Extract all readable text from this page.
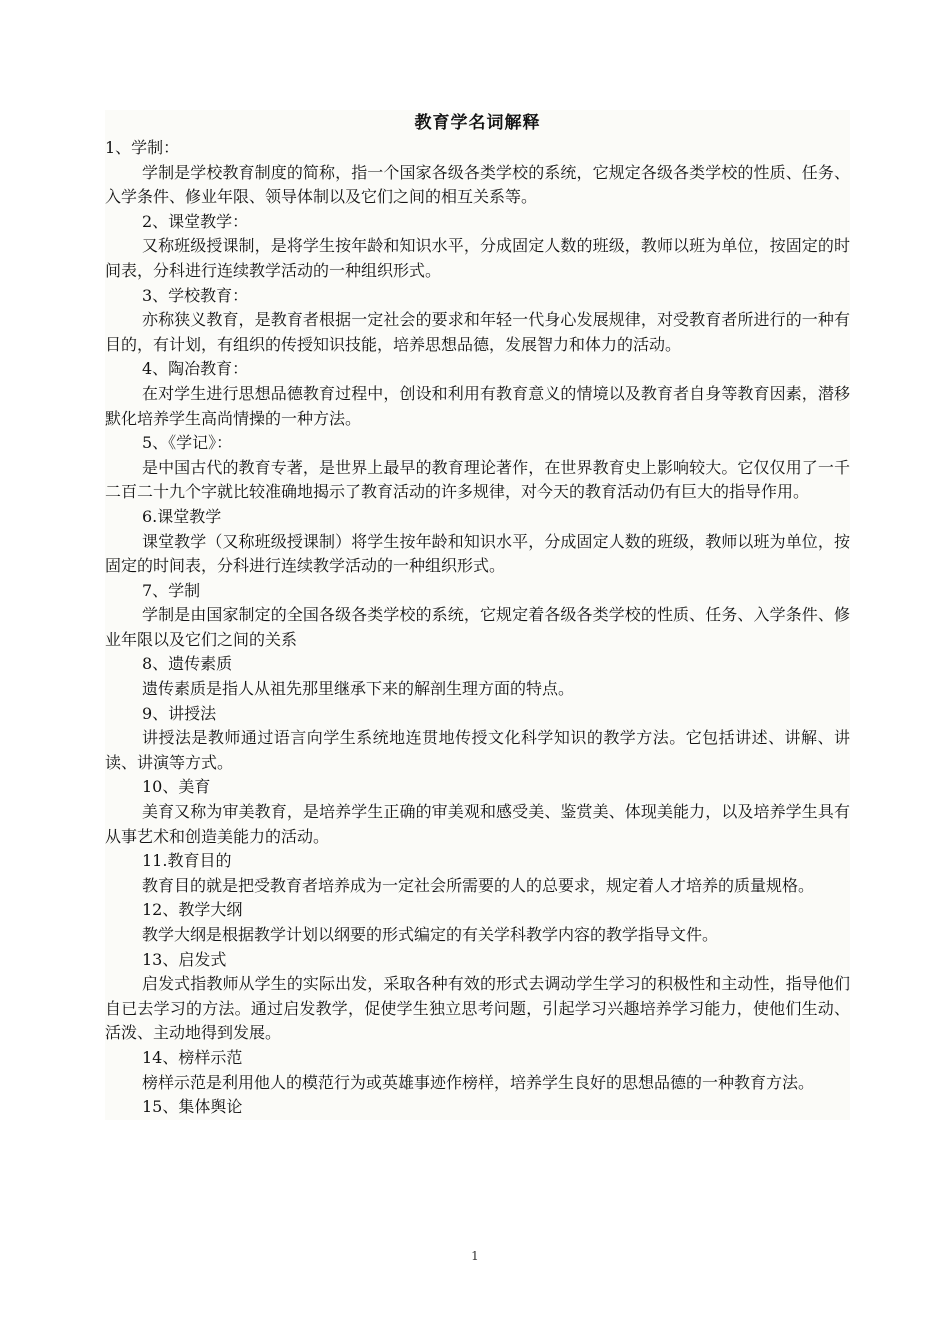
教育学名词解释

1、学制：

学制是学校教育制度的简称，指一个国家各级各类学校的系统，它规定各级各类学校的性质、任务、入学条件、修业年限、领导体制以及它们之间的相互关系等。

2、课堂教学：

又称班级授课制，是将学生按年龄和知识水平，分成固定人数的班级，教师以班为单位，按固定的时间表，分科进行连续教学活动的一种组织形式。

3、学校教育：

亦称狭义教育，是教育者根据一定社会的要求和年轻一代身心发展规律，对受教育者所进行的一种有目的，有计划，有组织的传授知识技能，培养思想品德，发展智力和体力的活动。

4、陶冶教育：

在对学生进行思想品德教育过程中，创设和利用有教育意义的情境以及教育者自身等教育因素，潜移默化培养学生高尚情操的一种方法。

5、《学记》：

是中国古代的教育专著，是世界上最早的教育理论著作，在世界教育史上影响较大。它仅仅用了一千二百二十九个字就比较准确地揭示了教育活动的许多规律，对今天的教育活动仍有巨大的指导作用。

6.课堂教学

课堂教学（又称班级授课制）将学生按年龄和知识水平，分成固定人数的班级，教师以班为单位，按固定的时间表，分科进行连续教学活动的一种组织形式。

7、学制

学制是由国家制定的全国各级各类学校的系统，它规定着各级各类学校的性质、任务、入学条件、修业年限以及它们之间的关系

8、遗传素质

遗传素质是指人从祖先那里继承下来的解剖生理方面的特点。

9、讲授法

讲授法是教师通过语言向学生系统地连贯地传授文化科学知识的教学方法。它包括讲述、讲解、讲读、讲演等方式。

10、美育

美育又称为审美教育，是培养学生正确的审美观和感受美、鉴赏美、体现美能力，以及培养学生具有从事艺术和创造美能力的活动。

11.教育目的

教育目的就是把受教育者培养成为一定社会所需要的人的总要求，规定着人才培养的质量规格。

12、教学大纲

教学大纲是根据教学计划以纲要的形式编定的有关学科教学内容的教学指导文件。

13、启发式

启发式指教师从学生的实际出发，采取各种有效的形式去调动学生学习的积极性和主动性，指导他们自已去学习的方法。通过启发教学，促使学生独立思考问题，引起学习兴趣培养学习能力，使他们生动、活泼、主动地得到发展。

14、榜样示范

榜样示范是利用他人的模范行为或英雄事迹作榜样，培养学生良好的思想品德的一种教育方法。

15、集体舆论

1
